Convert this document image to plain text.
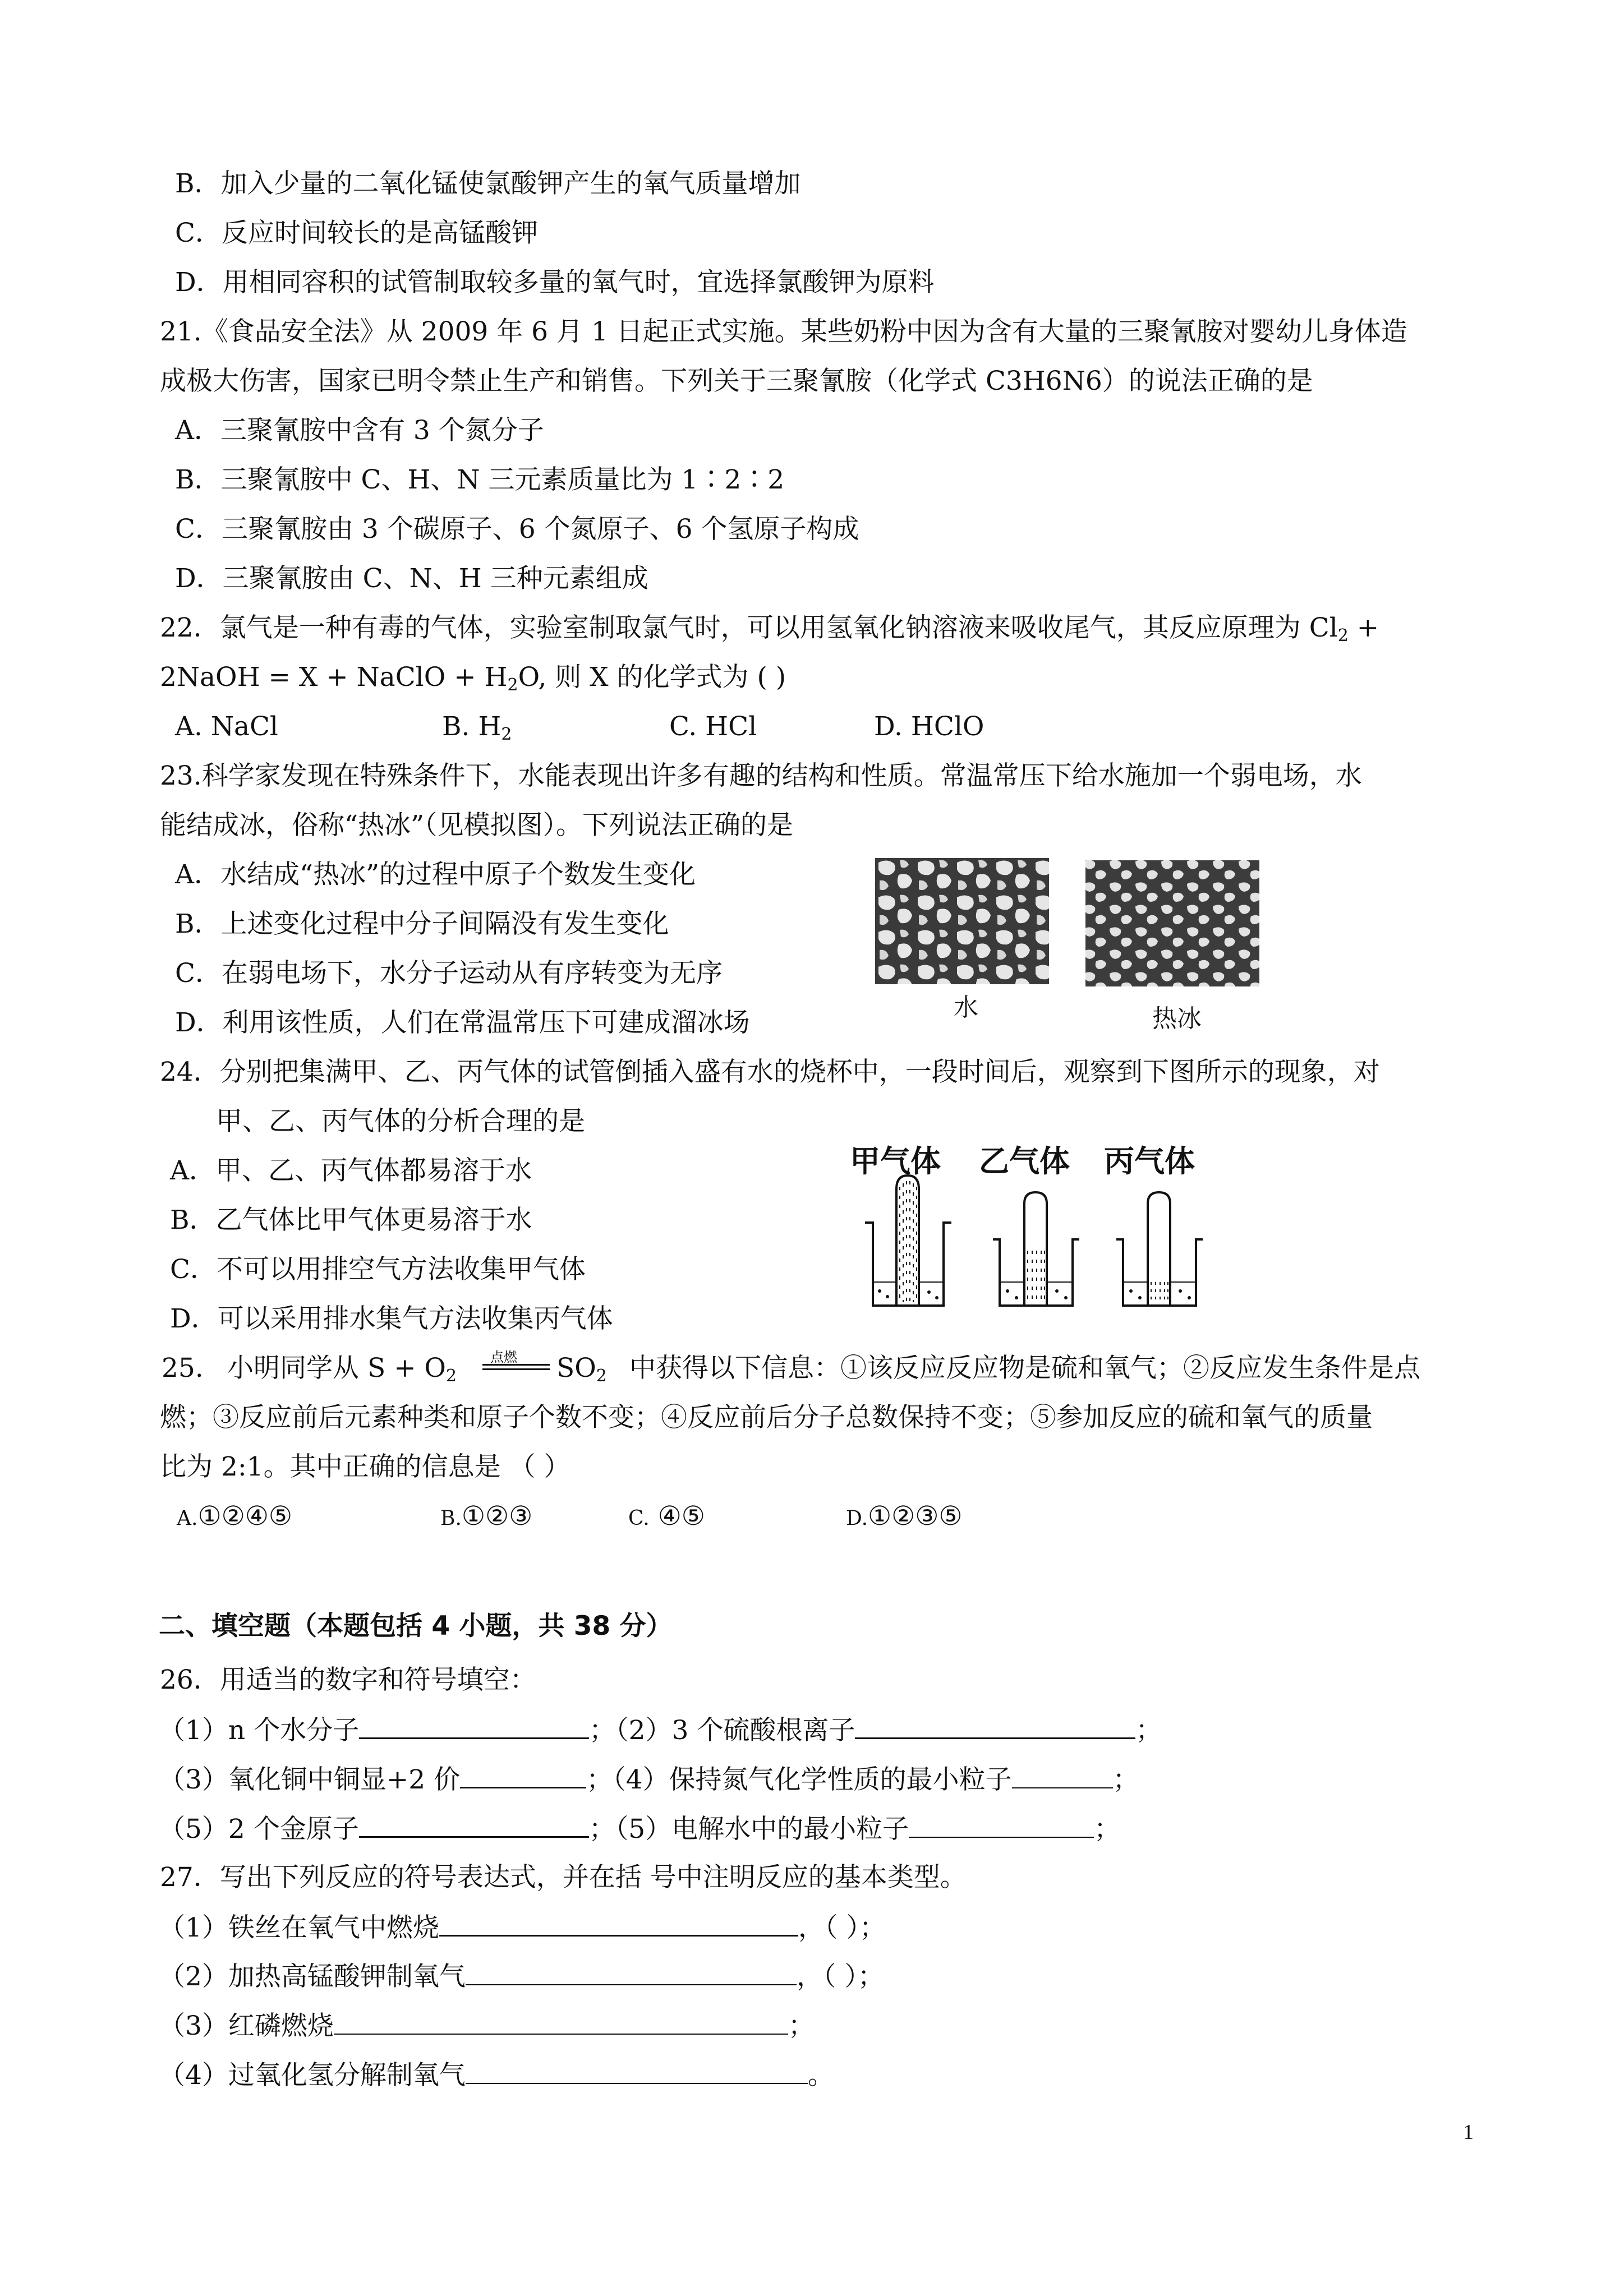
B．加入少量的二氧化锰使氯酸钾产生的氧气质量增加
C．反应时间较长的是高锰酸钾
D．用相同容积的试管制取较多量的氧气时，宜选择氯酸钾为原料
21.《食品安全法》从 2009 年 6 月 1 日起正式实施。某些奶粉中因为含有大量的三聚氰胺对婴幼儿身体造
成极大伤害，国家已明令禁止生产和销售。下列关于三聚氰胺（化学式 C3H6N6）的说法正确的是
A．三聚氰胺中含有 3 个氮分子
B．三聚氰胺中 C、H、N 三元素质量比为 1∶2∶2
C．三聚氰胺由 3 个碳原子、6 个氮原子、6 个氢原子构成
D．三聚氰胺由 C、N、H 三种元素组成
22．氯气是一种有毒的气体，实验室制取氯气时，可以用氢氧化钠溶液来吸收尾气，其反应原理为 $Cl_2$ +
2NaOH = X + NaClO + $H_2O$, 则 X 的化学式为 ( )
A. NaCl	B. $H_2$	C. HCl	D. HClO
23.科学家发现在特殊条件下，水能表现出许多有趣的结构和性质。常温常压下给水施加一个弱电场，水
能结成冰，俗称“热冰”（见模拟图）。下列说法正确的是
A．水结成“热冰”的过程中原子个数发生变化
B．上述变化过程中分子间隔没有发生变化
C．在弱电场下，水分子运动从有序转变为无序
D．利用该性质，人们在常温常压下可建成溜冰场	水	热冰
24．分别把集满甲、乙、丙气体的试管倒插入盛有水的烧杯中，一段时间后，观察到下图所示的现象，对
甲、乙、丙气体的分析合理的是
A．甲、乙、丙气体都易溶于水
B．乙气体比甲气体更易溶于水
C．不可以用排空气方法收集甲气体
D．可以采用排水集气方法收集丙气体
甲气体 乙气体 丙气体
25. 小明同学从 $S + O_2$
点燃 $SO_2$ 中获得以下信息：①该反应反应物是硫和氧气；②反应发生条件是点
燃；③反应前后元素种类和原子个数不变；④反应前后分子总数保持不变；⑤参加反应的硫和氧气的质量
比为 2:1。其中正确的信息是 （ ）
A.①②④⑤	B.①②③	C. ④⑤	D.①②③⑤
二、填空题（本题包括 4 小题，共 38 分）
26．用适当的数字和符号填空：
（1）n 个水分子	；（2）3 个硫酸根离子	；
（3）氧化铜中铜显+2 价	；（4）保持氮气化学性质的最小粒子	；
（5）2 个金原子	；（5）电解水中的最小粒子	；
27．写出下列反应的符号表达式，并在括 号中注明反应的基本类型。
（1）铁丝在氧气中燃烧	，（ ）；
（2）加热高锰酸钾制氧气	，（ ）；
（3）红磷燃烧	；
（4）过氧化氢分解制氧气	。
1
